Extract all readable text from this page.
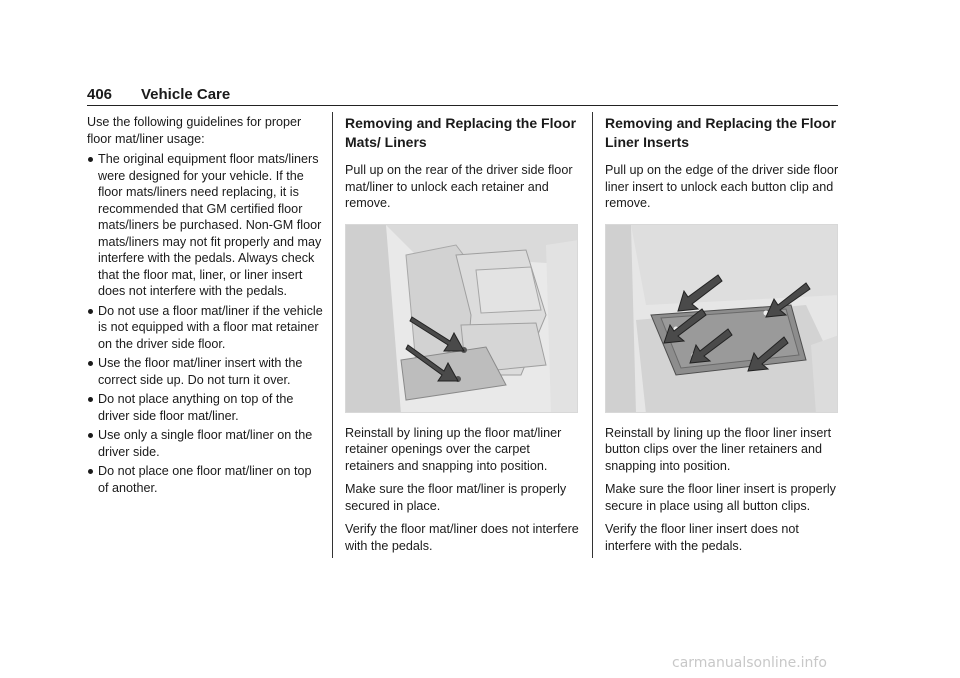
406 Vehicle Care

Use the following guidelines for proper floor mat/liner usage:

The original equipment floor mats/liners were designed for your vehicle. If the floor mats/liners need replacing, it is recommended that GM certified floor mats/liners be purchased. Non-GM floor mats/liners may not fit properly and may interfere with the pedals. Always check that the floor mat, liner, or liner insert does not interfere with the pedals.
Do not use a floor mat/liner if the vehicle is not equipped with a floor mat retainer on the driver side floor.
Use the floor mat/liner insert with the correct side up. Do not turn it over.
Do not place anything on top of the driver side floor mat/liner.
Use only a single floor mat/liner on the driver side.
Do not place one floor mat/liner on top of another.
Removing and Replacing the Floor Mats/ Liners

Pull up on the rear of the driver side floor mat/liner to unlock each retainer and remove.

Reinstall by lining up the floor mat/liner retainer openings over the carpet retainers and snapping into position.

Make sure the floor mat/liner is properly secured in place.

Verify the floor mat/liner does not interfere with the pedals.

Removing and Replacing the Floor Liner Inserts

Pull up on the edge of the driver side floor liner insert to unlock each button clip and remove.

Reinstall by lining up the floor liner insert button clips over the liner retainers and snapping into position.

Make sure the floor liner insert is properly secure in place using all button clips.

Verify the floor liner insert does not interfere with the pedals.

carmanualsonline.info
